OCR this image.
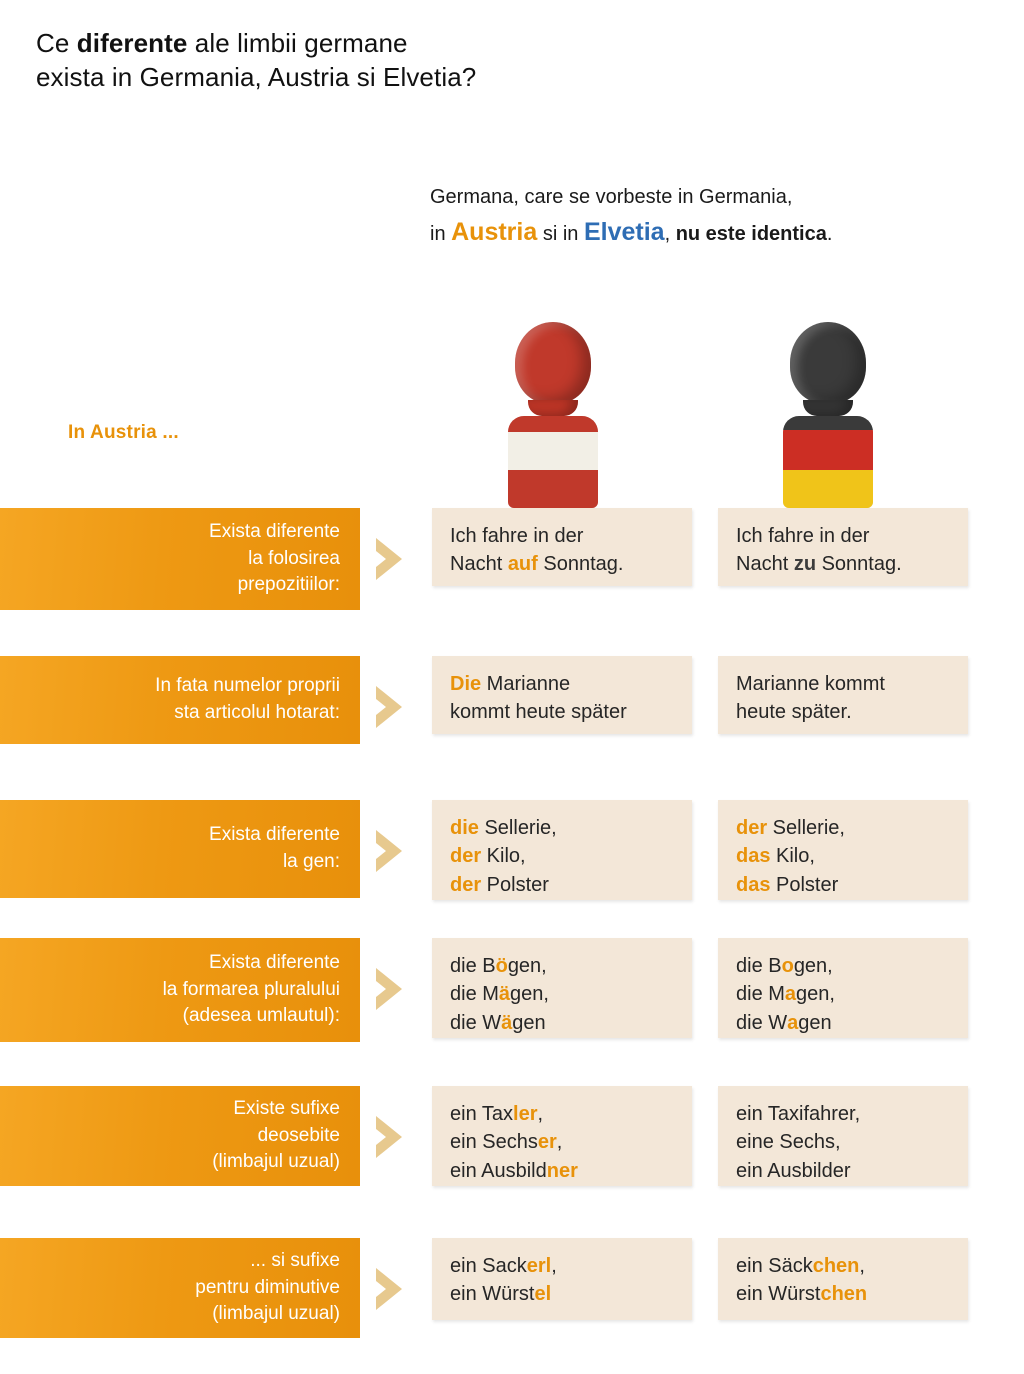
Ce diferente ale limbii germane
exista in Germania, Austria si Elvetia?
Germana, care se vorbeste in Germania,
in Austria si in Elvetia, nu este identica.
In Austria ...
Exista diferente
la folosirea
prepozitiilor:
Ich fahre in der
Nacht auf Sonntag.
Ich fahre in der
Nacht zu Sonntag.
In fata numelor proprii
sta articolul hotarat:
Die Marianne
kommt heute später
Marianne kommt
heute später.
Exista diferente
la gen:
die Sellerie,
der Kilo,
der Polster
der Sellerie,
das Kilo,
das Polster
Exista diferente
la formarea pluralului
(adesea umlautul):
die Bögen,
die Mägen,
die Wägen
die Bogen,
die Magen,
die Wagen
Existe sufixe
deosebite
(limbajul uzual)
ein Taxler,
ein Sechser,
ein Ausbildner
ein Taxifahrer,
eine Sechs,
ein Ausbilder
... si sufixe
pentru diminutive
(limbajul uzual)
ein Sackerl,
ein Würstel
ein Säckchen,
ein Würstchen
